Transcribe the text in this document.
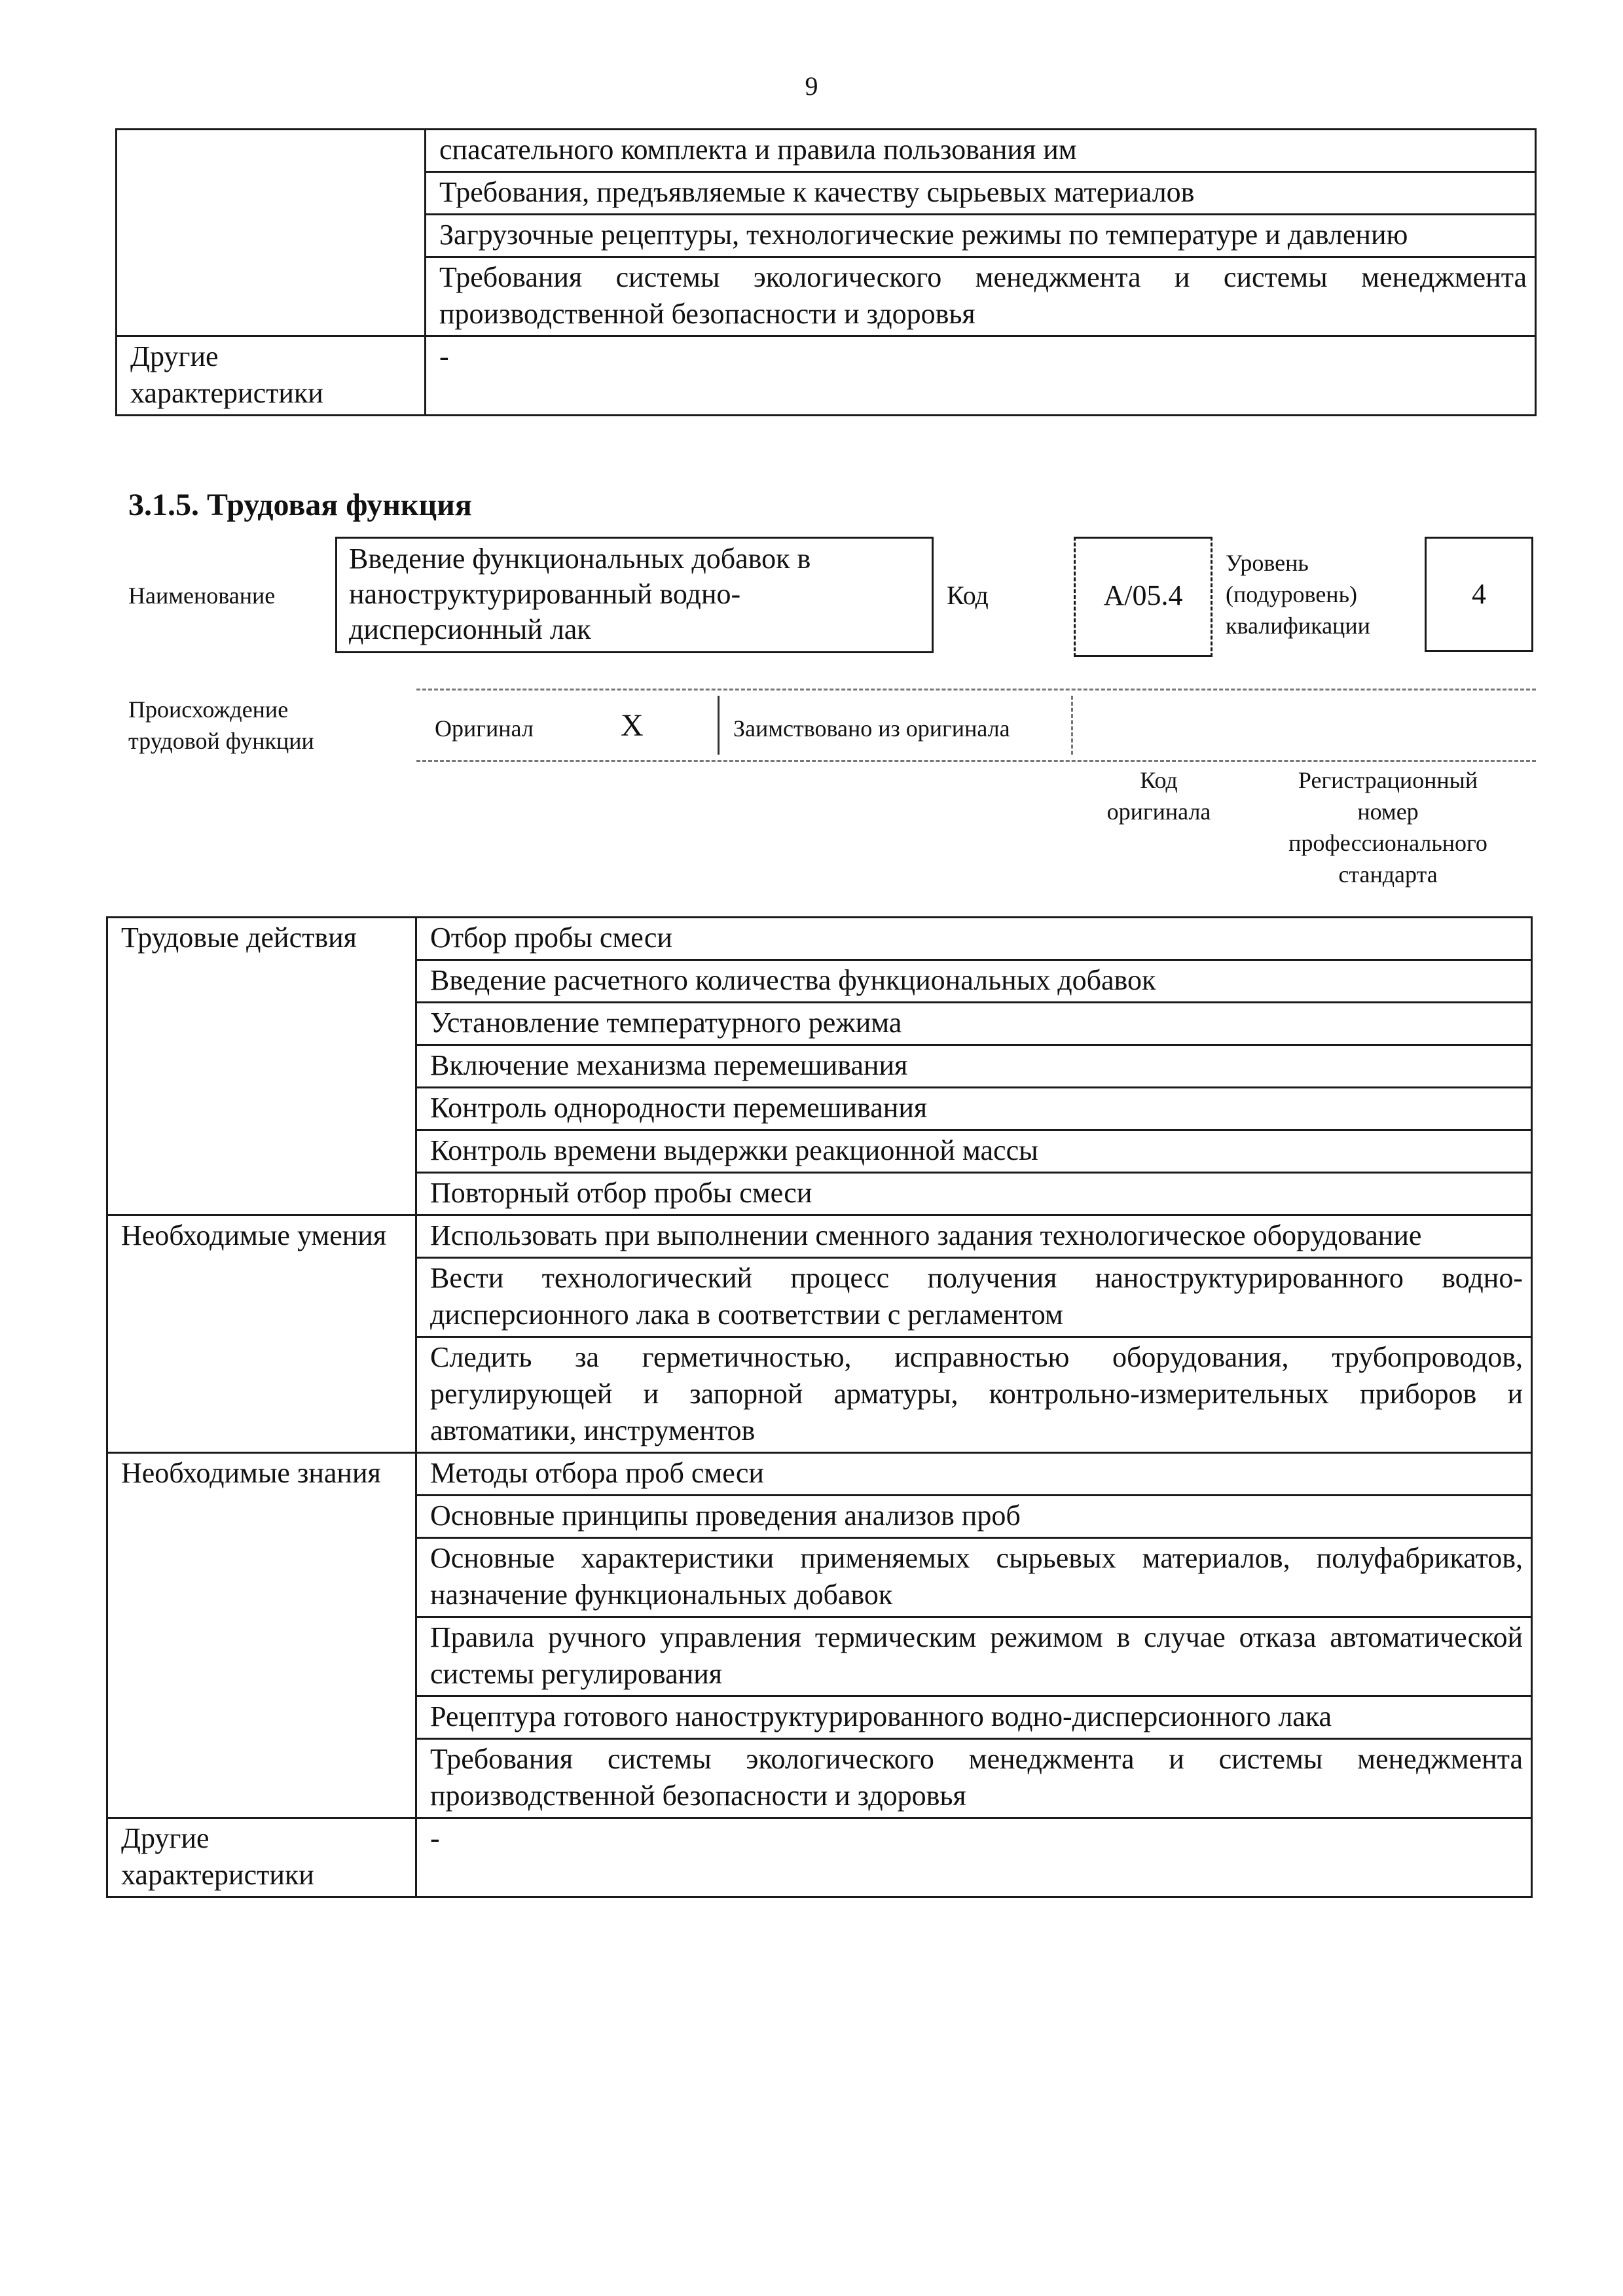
9
	спасательного комплекта и правила пользования им
	Требования, предъявляемые к качеству сырьевых материалов
	Загрузочные рецептуры, технологические режимы по температуре и давлению
	Требования системы экологического менеджмента и системы менеджмента производственной безопасности и здоровья
Другие характеристики	-
3.1.5. Трудовая функция
Наименование
Введение функциональных добавок в наноструктурированный водно-дисперсионный лак
Код	А/05.4
Уровень
(подуровень)
квалификации
4
Происхождение
трудовой функции	Оригинал	X	Заимствовано из оригинала
Код
оригинала
Регистрационный
номер
профессионального
стандарта
Трудовые действия	Отбор пробы смеси
	Введение расчетного количества функциональных добавок
	Установление температурного режима
	Включение механизма перемешивания
	Контроль однородности перемешивания
	Контроль времени выдержки реакционной массы
	Повторный отбор пробы смеси
Необходимые умения	Использовать при выполнении сменного задания технологическое оборудование
	Вести технологический процесс получения наноструктурированного водно-дисперсионного лака в соответствии с регламентом
	Следить за герметичностью, исправностью оборудования, трубопроводов, регулирующей и запорной арматуры, контрольно-измерительных приборов и автоматики, инструментов
Необходимые знания	Методы отбора проб смеси
	Основные принципы проведения анализов проб
	Основные характеристики применяемых сырьевых материалов, полуфабрикатов, назначение функциональных добавок
	Правила ручного управления термическим режимом в случае отказа автоматической системы регулирования
	Рецептура готового наноструктурированного водно-дисперсионного лака
	Требования системы экологического менеджмента и системы менеджмента производственной безопасности и здоровья
Другие характеристики	-
